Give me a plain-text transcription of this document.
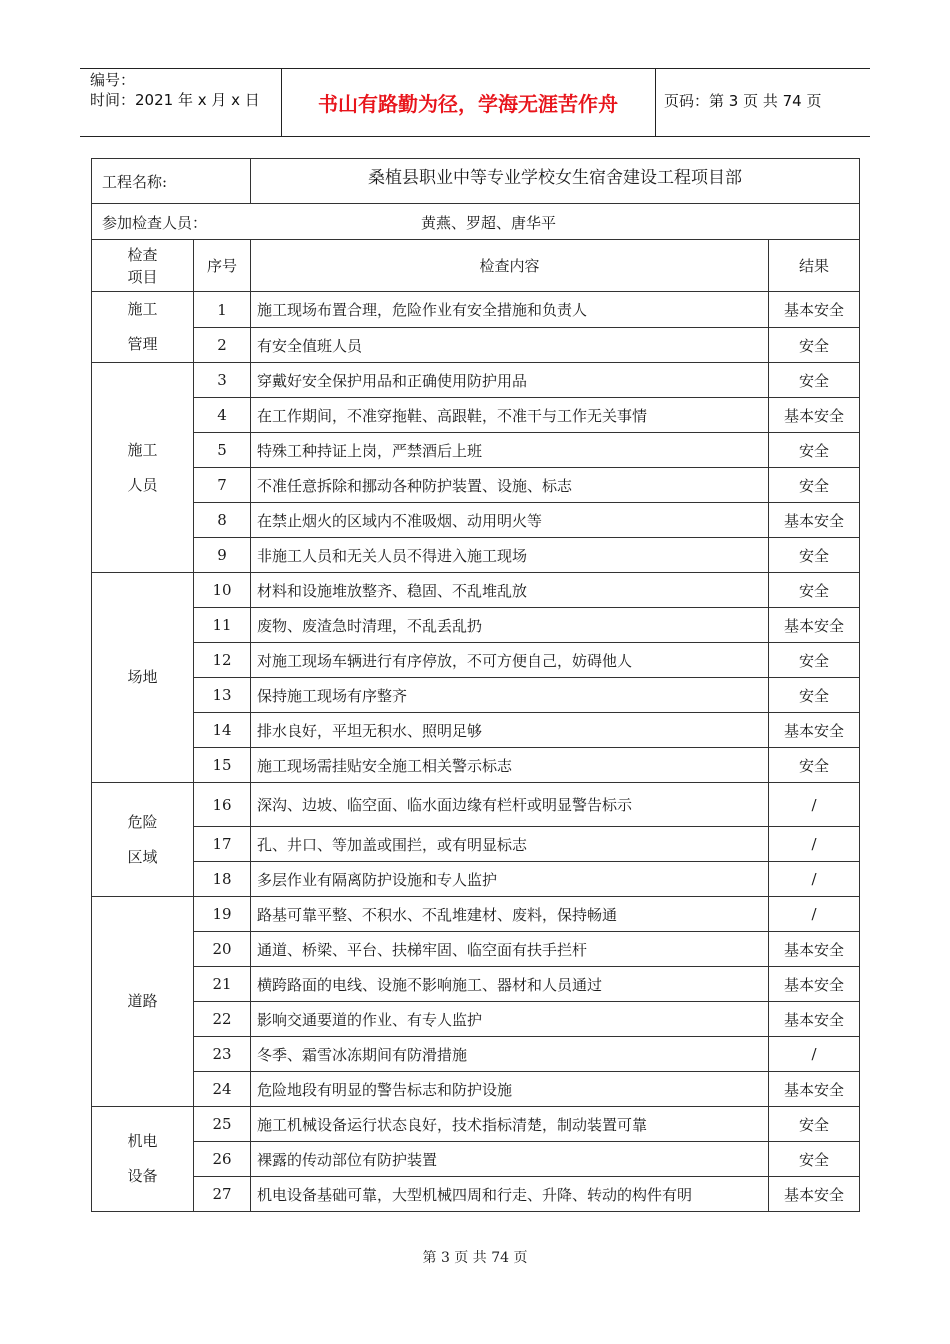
编号：
时间：2021 年 x 月 x 日	书山有路勤为径，学海无涯苦作舟	页码：第 3 页 共 74 页
工程名称:		桑植县职业中等专业学校女生宿舍建设工程项目部	

参加检查人员： 黄燕、罗超、唐华平			

检查
项目	序号	检查内容	结果
施工
管理	1	施工现场布置合理，危险作业有安全措施和负责人	基本安全
	2	有安全值班人员	安全
施工
人员	3	穿戴好安全保护用品和正确使用防护用品	安全
	4	在工作期间，不准穿拖鞋、高跟鞋，不准干与工作无关事情	基本安全
	5	特殊工种持证上岗，严禁酒后上班	安全
	7	不准任意拆除和挪动各种防护装置、设施、标志	安全
	8	在禁止烟火的区域内不准吸烟、动用明火等	基本安全
	9	非施工人员和无关人员不得进入施工现场	安全
场地	10	材料和设施堆放整齐、稳固、不乱堆乱放	安全
	11	废物、废渣急时清理，不乱丢乱扔	基本安全
	12	对施工现场车辆进行有序停放，不可方便自己，妨碍他人	安全
	13	保持施工现场有序整齐	安全
	14	排水良好，平坦无积水、照明足够	基本安全
	15	施工现场需挂贴安全施工相关警示标志	安全
危险
区域	16	深沟、边坡、临空面、临水面边缘有栏杆或明显警告标示	/
	17	孔、井口、等加盖或围拦，或有明显标志	/
	18	多层作业有隔离防护设施和专人监护	/
道路	19	路基可靠平整、不积水、不乱堆建材、废料，保持畅通	/
	20	通道、桥梁、平台、扶梯牢固、临空面有扶手拦杆	基本安全
	21	横跨路面的电线、设施不影响施工、器材和人员通过	基本安全
	22	影响交通要道的作业、有专人监护	基本安全
	23	冬季、霜雪冰冻期间有防滑措施	/
	24	危险地段有明显的警告标志和防护设施	基本安全
机电
设备	25	施工机械设备运行状态良好，技术指标清楚，制动装置可靠	安全
	26	裸露的传动部位有防护装置	安全
	27	机电设备基础可靠，大型机械四周和行走、升降、转动的构件有明	基本安全
第 3 页 共 74 页
